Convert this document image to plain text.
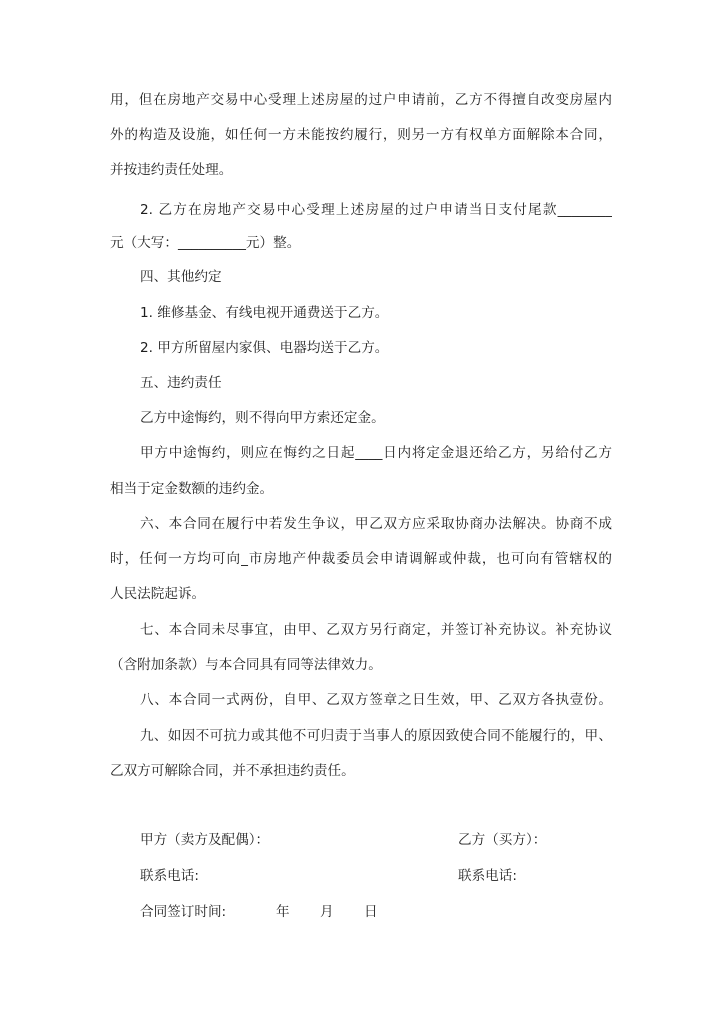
用，但在房地产交易中心受理上述房屋的过户申请前，乙方不得擅自改变房屋内
外的构造及设施，如任何一方未能按约履行，则另一方有权单方面解除本合同，
并按违约责任处理。
2. 乙方在房地产交易中心受理上述房屋的过户申请当日支付尾款________
元（大写：__________元）整。
四、其他约定
1. 维修基金、有线电视开通费送于乙方。
2. 甲方所留屋内家俱、电器均送于乙方。
五、违约责任
乙方中途悔约，则不得向甲方索还定金。
甲方中途悔约，则应在悔约之日起____日内将定金退还给乙方，另给付乙方
相当于定金数额的违约金。
六、本合同在履行中若发生争议，甲乙双方应采取协商办法解决。协商不成
时，任何一方均可向_市房地产仲裁委员会申请调解或仲裁，也可向有管辖权的
人民法院起诉。
七、本合同未尽事宜，由甲、乙双方另行商定，并签订补充协议。补充协议
（含附加条款）与本合同具有同等法律效力。
八、本合同一式两份，自甲、乙双方签章之日生效，甲、乙双方各执壹份。
九、如因不可抗力或其他不可归责于当事人的原因致使合同不能履行的，甲、
乙双方可解除合同，并不承担违约责任。
甲方（卖方及配偶）：	乙方（买方）：
联系电话:	联系电话:
合同签订时间:	年 月 日
